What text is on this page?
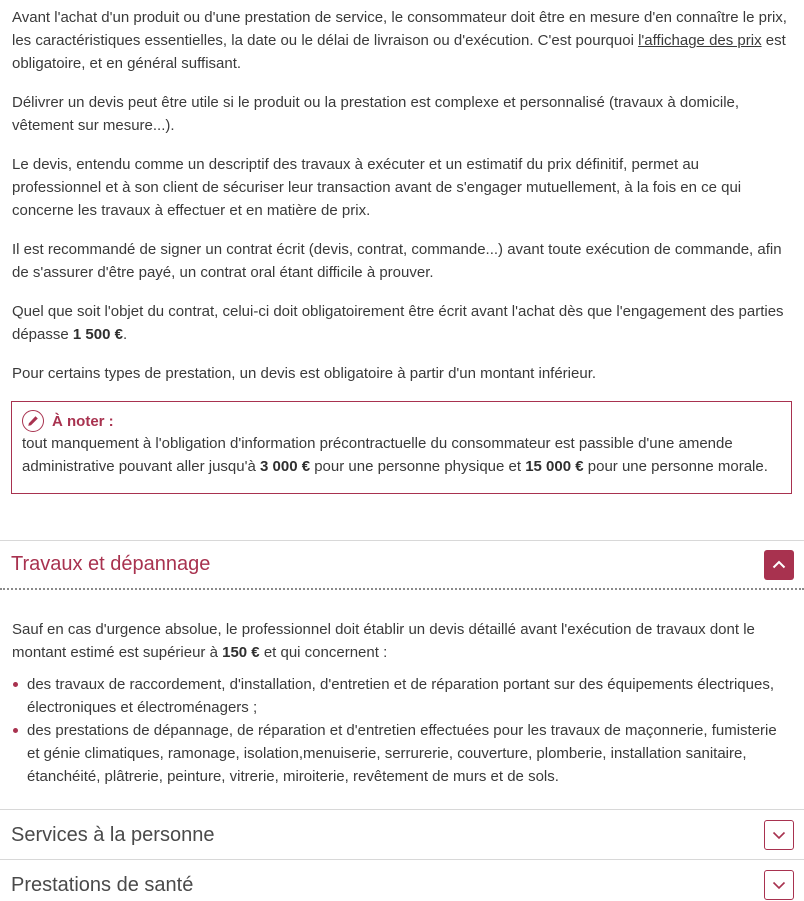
Avant l'achat d'un produit ou d'une prestation de service, le consommateur doit être en mesure d'en connaître le prix, les caractéristiques essentielles, la date ou le délai de livraison ou d'exécution. C'est pourquoi l'affichage des prix est obligatoire, et en général suffisant.

Délivrer un devis peut être utile si le produit ou la prestation est complexe et personnalisé (travaux à domicile, vêtement sur mesure...).

Le devis, entendu comme un descriptif des travaux à exécuter et un estimatif du prix définitif, permet au professionnel et à son client de sécuriser leur transaction avant de s'engager mutuellement, à la fois en ce qui concerne les travaux à effectuer et en matière de prix.

Il est recommandé de signer un contrat écrit (devis, contrat, commande...) avant toute exécution de commande, afin de s'assurer d'être payé, un contrat oral étant difficile à prouver.

Quel que soit l'objet du contrat, celui-ci doit obligatoirement être écrit avant l'achat dès que l'engagement des parties dépasse 1 500 €.

Pour certains types de prestation, un devis est obligatoire à partir d'un montant inférieur.

À noter :

tout manquement à l'obligation d'information précontractuelle du consommateur est passible d'une amende administrative pouvant aller jusqu'à 3 000 € pour une personne physique et 15 000 € pour une personne morale.

Travaux et dépannage

Sauf en cas d'urgence absolue, le professionnel doit établir un devis détaillé avant l'exécution de travaux dont le montant estimé est supérieur à 150 € et qui concernent :

des travaux de raccordement, d'installation, d'entretien et de réparation portant sur des équipements électriques, électroniques et électroménagers ;
des prestations de dépannage, de réparation et d'entretien effectuées pour les travaux de maçonnerie, fumisterie et génie climatiques, ramonage, isolation,menuiserie, serrurerie, couverture, plomberie, installation sanitaire, étanchéité, plâtrerie, peinture, vitrerie, miroiterie, revêtement de murs et de sols.
Services à la personne
Prestations de santé
